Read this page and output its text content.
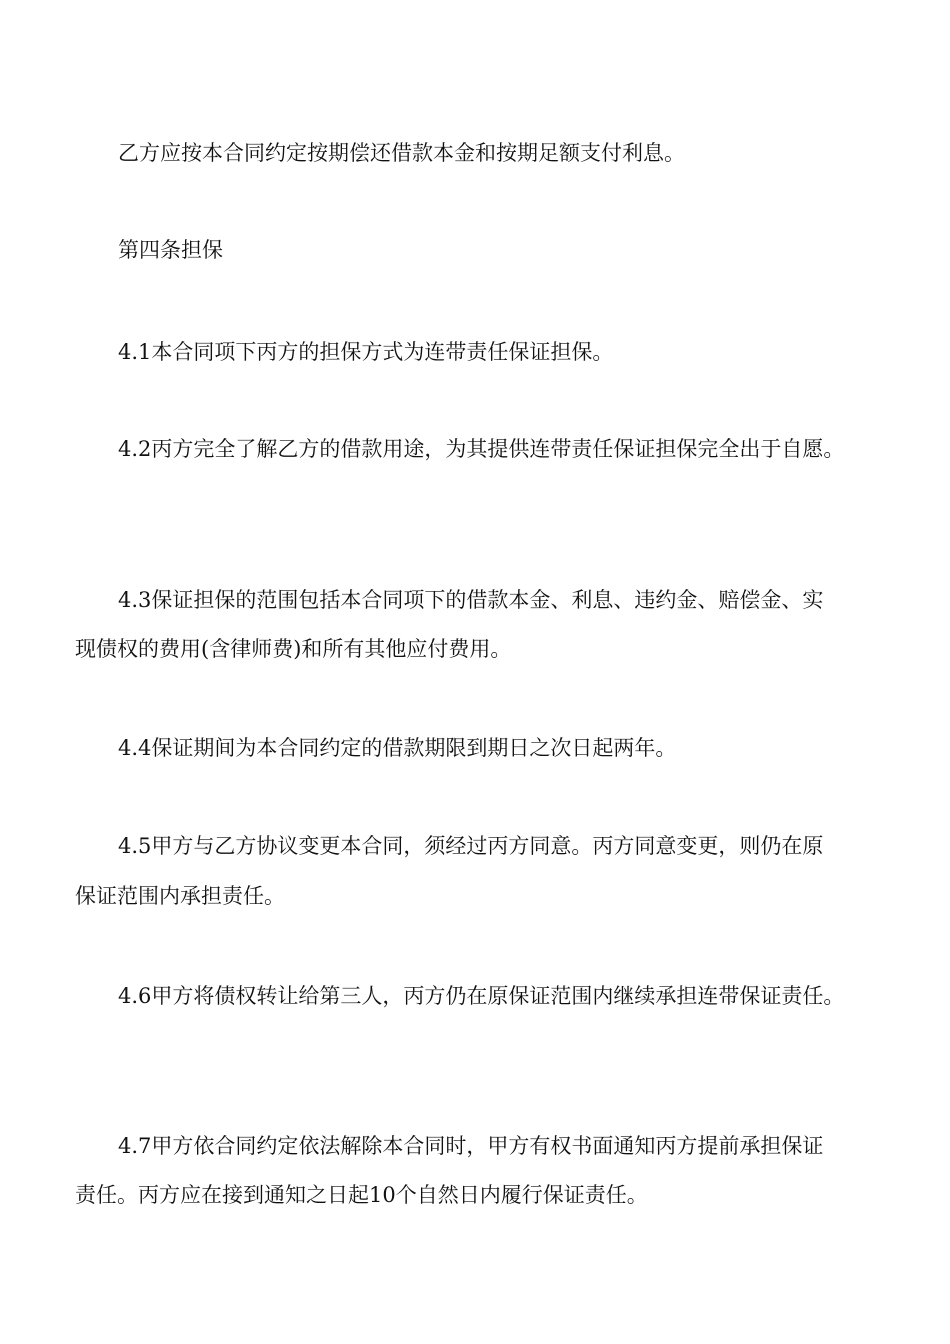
乙方应按本合同约定按期偿还借款本金和按期足额支付利息。

第四条担保

4.1本合同项下丙方的担保方式为连带责任保证担保。

4.2丙方完全了解乙方的借款用途，为其提供连带责任保证担保完全出于自愿。

4.3保证担保的范围包括本合同项下的借款本金、利息、违约金、赔偿金、实

现债权的费用(含律师费)和所有其他应付费用。

4.4保证期间为本合同约定的借款期限到期日之次日起两年。

4.5甲方与乙方协议变更本合同，须经过丙方同意。丙方同意变更，则仍在原

保证范围内承担责任。

4.6甲方将债权转让给第三人，丙方仍在原保证范围内继续承担连带保证责任。

4.7甲方依合同约定依法解除本合同时，甲方有权书面通知丙方提前承担保证

责任。丙方应在接到通知之日起10个自然日内履行保证责任。
